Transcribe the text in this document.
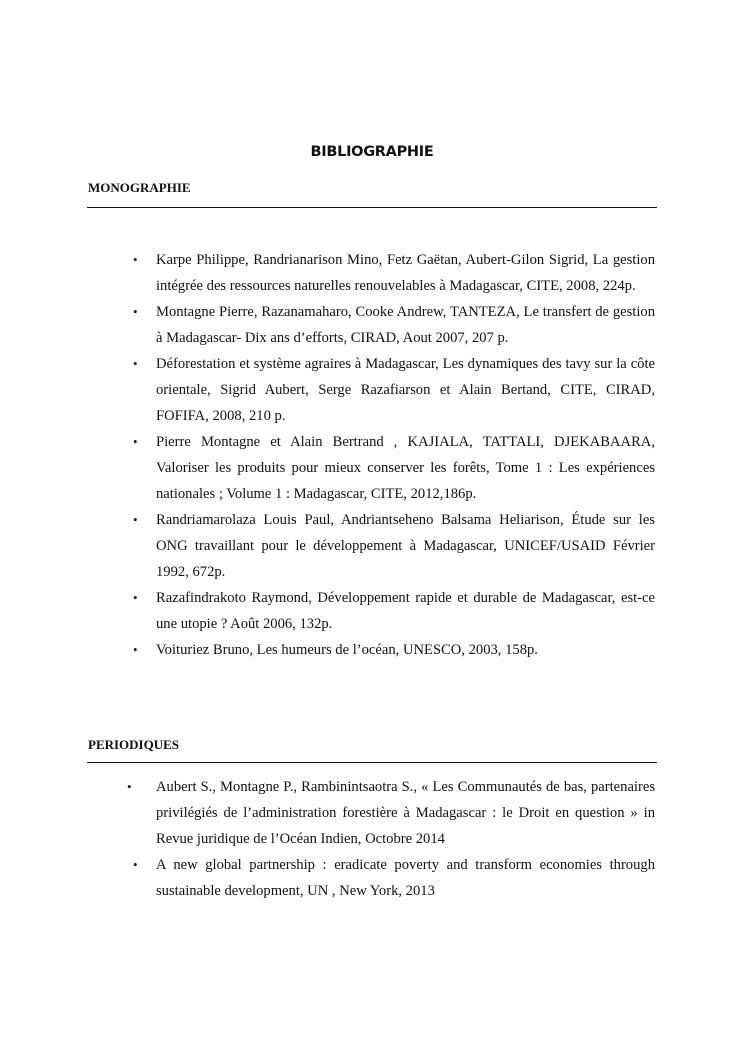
BIBLIOGRAPHIE
MONOGRAPHIE
• Karpe Philippe, Randrianarison Mino, Fetz Gaëtan, Aubert-Gilon Sigrid, La gestion intégrée des ressources naturelles renouvelables à Madagascar, CITE, 2008, 224p.
• Montagne Pierre, Razanamaharo, Cooke Andrew, TANTEZA, Le transfert de gestion à Madagascar- Dix ans d’efforts, CIRAD, Aout 2007, 207 p.
• Déforestation et système agraires à Madagascar, Les dynamiques des tavy sur la côte orientale, Sigrid Aubert, Serge Razafiarson et Alain Bertand, CITE, CIRAD, FOFIFA, 2008, 210 p.
• Pierre Montagne et Alain Bertrand , KAJIALA, TATTALI, DJEKABAARA, Valoriser les produits pour mieux conserver les forêts, Tome 1 : Les expériences nationales ; Volume 1 : Madagascar, CITE, 2012,186p.
• Randriamarolaza Louis Paul, Andriantseheno Balsama Heliarison, Étude sur les ONG travaillant pour le développement à Madagascar, UNICEF/USAID Février 1992, 672p.
• Razafindrakoto Raymond, Développement rapide et durable de Madagascar, est-ce une utopie ? Août 2006, 132p.
• Voituriez Bruno, Les humeurs de l’océan, UNESCO, 2003, 158p.
PERIODIQUES
• Aubert S., Montagne P., Rambinintsaotra S., « Les Communautés de bas, partenaires privilégiés de l’administration forestière à Madagascar : le Droit en question » in Revue juridique de l’Océan Indien, Octobre 2014
• A new global partnership : eradicate poverty and transform economies through sustainable development, UN , New York, 2013
